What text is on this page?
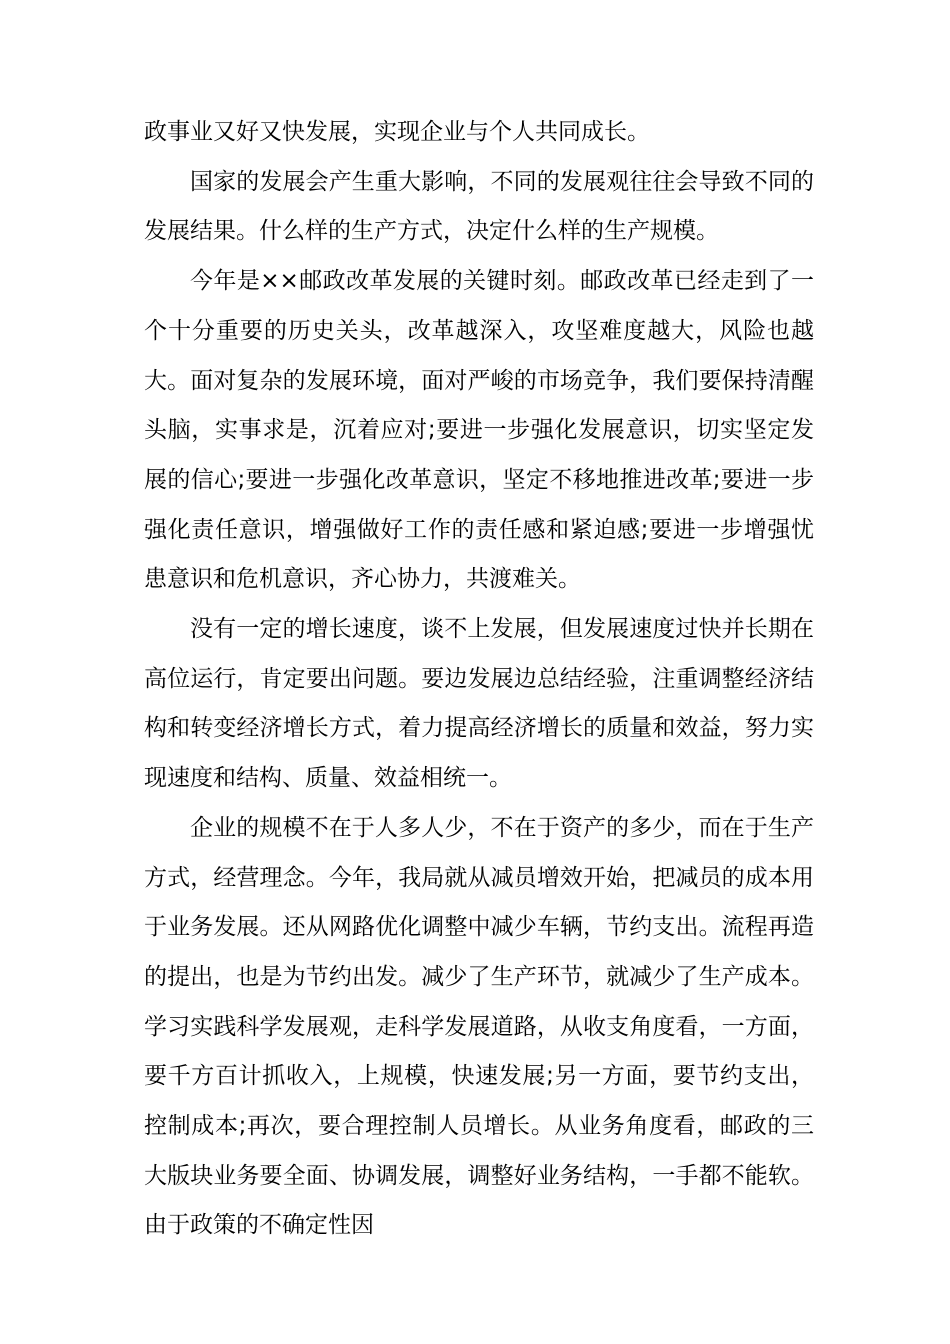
政事业又好又快发展，实现企业与个人共同成长。

国家的发展会产生重大影响，不同的发展观往往会导致不同的发展结果。什么样的生产方式，决定什么样的生产规模。

今年是××邮政改革发展的关键时刻。邮政改革已经走到了一个十分重要的历史关头，改革越深入，攻坚难度越大，风险也越大。面对复杂的发展环境，面对严峻的市场竞争，我们要保持清醒头脑，实事求是，沉着应对;要进一步强化发展意识，切实坚定发展的信心;要进一步强化改革意识，坚定不移地推进改革;要进一步强化责任意识，增强做好工作的责任感和紧迫感;要进一步增强忧患意识和危机意识，齐心协力，共渡难关。

没有一定的增长速度，谈不上发展，但发展速度过快并长期在高位运行，肯定要出问题。要边发展边总结经验，注重调整经济结构和转变经济增长方式，着力提高经济增长的质量和效益，努力实现速度和结构、质量、效益相统一。

企业的规模不在于人多人少，不在于资产的多少，而在于生产方式，经营理念。今年，我局就从减员增效开始，把减员的成本用于业务发展。还从网路优化调整中减少车辆，节约支出。流程再造的提出，也是为节约出发。减少了生产环节，就减少了生产成本。学习实践科学发展观，走科学发展道路，从收支角度看，一方面，要千方百计抓收入，上规模，快速发展;另一方面，要节约支出，控制成本;再次，要合理控制人员增长。从业务角度看，邮政的三大版块业务要全面、协调发展，调整好业务结构，一手都不能软。由于政策的不确定性因
